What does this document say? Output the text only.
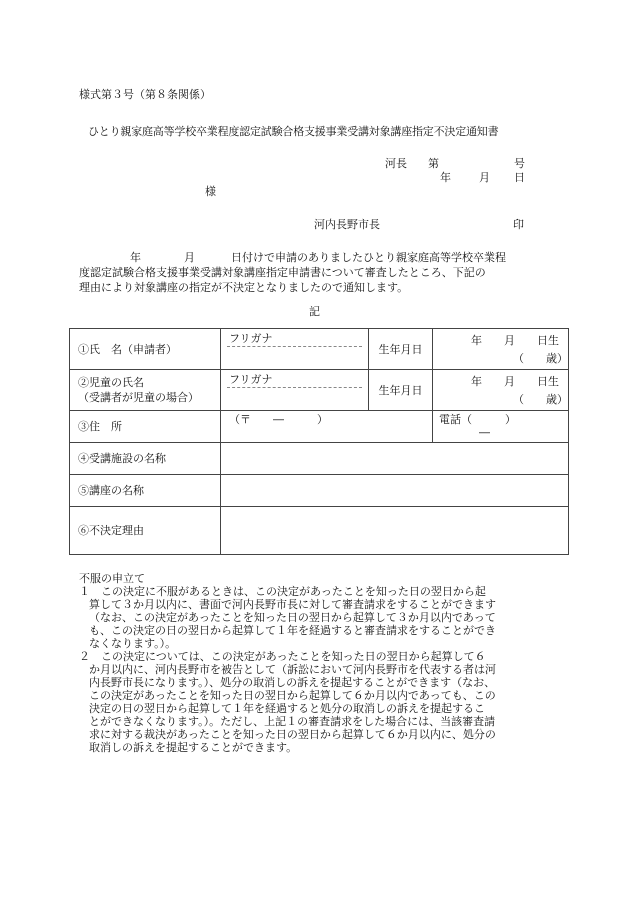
様式第３号（第８条関係）
ひとり親家庭高等学校卒業程度認定試験合格支援事業受講対象講座指定不決定通知書
河長 第	号
年	月 日
様
河内長野市長	印
年	月	日付けで申請のありましたひとり親家庭高等学校卒業程
度認定試験合格支援事業受講対象講座指定申請書について審査したところ、下記の
理由により対象講座の指定が不決定となりましたので通知します。
記
①氏　名（申請者）	フリガナ	生年月日	年　　月　　日生
（　　歳）

②児童の氏名
（受講者が児童の場合）	フリガナ	生年月日	年　　月　　日生
（　　歳）

③住　所	（〒　　―　　　）		電話（　　　）
―

④受講施設の名称			
⑤講座の名称			
⑥不決定理由			
不服の申立て
１　この決定に不服があるときは、この決定があったことを知った日の翌日から起
算して３か月以内に、書面で河内長野市長に対して審査請求をすることができます
（なお、この決定があったことを知った日の翌日から起算して３か月以内であって
も、この決定の日の翌日から起算して１年を経過すると審査請求をすることができ
なくなります。）。
２　この決定については、この決定があったことを知った日の翌日から起算して６
か月以内に、河内長野市を被告として（訴訟において河内長野市を代表する者は河
内長野市長になります。）、処分の取消しの訴えを提起することができます（なお、
この決定があったことを知った日の翌日から起算して６か月以内であっても、この
決定の日の翌日から起算して１年を経過すると処分の取消しの訴えを提起するこ
とができなくなります。）。ただし、上記１の審査請求をした場合には、当該審査請
求に対する裁決があったことを知った日の翌日から起算して６か月以内に、処分の
取消しの訴えを提起することができます。
